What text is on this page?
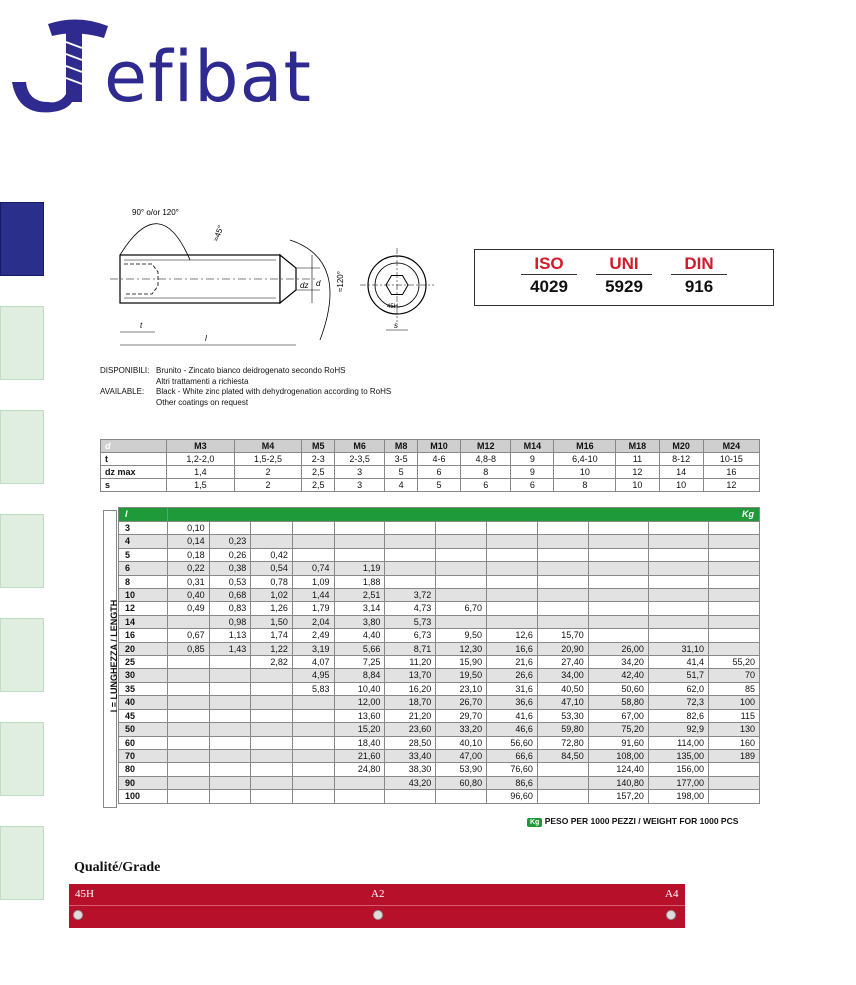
efibat
90° o/or 120°
≈45°
≈120°
t
l
dz d
s
45H
ISO
4029
UNI
5929
DIN
916
DISPONIBILI: Brunito - Zincato bianco deidrogenato secondo RoHS
Altri trattamenti a richiesta
AVAILABLE: Black - White zinc plated with dehydrogenation according to RoHS
Other coatings on request
d	M3	M4	M5	M6	M8	M10	M12	M14	M16	M18	M20	M24
t	1,2-2,0	1,5-2,5	2-3	2-3,5	3-5	4-6	4,8-8	9	6,4-10	11	8-12	10-15
dz max	1,4	2	2,5	3	5	6	8	9	10	12	14	16
s	1,5	2	2,5	3	4	5	6	6	8	10	10	12
l = LUNGHEZZA / LENGTH
l	Kg											
3	0,10											
4	0,14	0,23										
5	0,18	0,26	0,42									
6	0,22	0,38	0,54	0,74	1,19							
8	0,31	0,53	0,78	1,09	1,88							
10	0,40	0,68	1,02	1,44	2,51	3,72						
12	0,49	0,83	1,26	1,79	3,14	4,73	6,70					
14		0,98	1,50	2,04	3,80	5,73						
16	0,67	1,13	1,74	2,49	4,40	6,73	9,50	12,6	15,70			
20	0,85	1,43	1,22	3,19	5,66	8,71	12,30	16,6	20,90	26,00	31,10	
25			2,82	4,07	7,25	11,20	15,90	21,6	27,40	34,20	41,4	55,20
30				4,95	8,84	13,70	19,50	26,6	34,00	42,40	51,7	70
35				5,83	10,40	16,20	23,10	31,6	40,50	50,60	62,0	85
40					12,00	18,70	26,70	36,6	47,10	58,80	72,3	100
45					13,60	21,20	29,70	41,6	53,30	67,00	82,6	115
50					15,20	23,60	33,20	46,6	59,80	75,20	92,9	130
60					18,40	28,50	40,10	56,60	72,80	91,60	114,00	160
70					21,60	33,40	47,00	66,6	84,50	108,00	135,00	189
80					24,80	38,30	53,90	76,60		124,40	156,00	
90						43,20	60,80	86,6		140,80	177,00	
100								96,60		157,20	198,00	
Kg PESO PER 1000 PEZZI / WEIGHT FOR 1000 PCS
Qualité/Grade
45H	A2	A4
